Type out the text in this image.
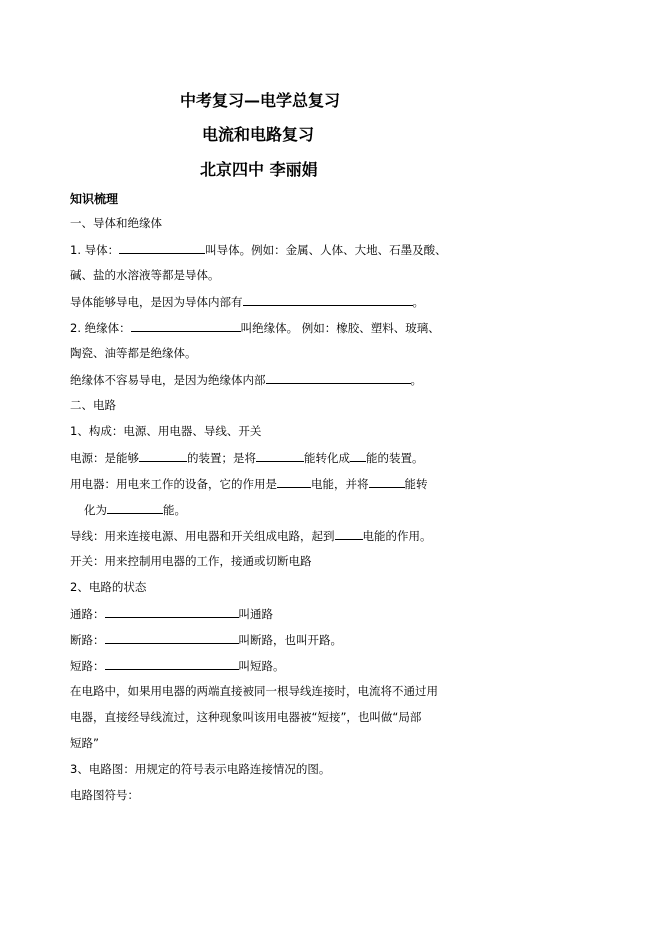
中考复习—电学总复习
电流和电路复习
北京四中 李丽娟
知识梳理
一、导体和绝缘体
1. 导体：	叫导体。例如：金属、人体、大地、石墨及酸、
碱、盐的水溶液等都是导体。
导体能够导电，是因为导体内部有	。
2. 绝缘体：	叫绝缘体。 例如：橡胶、塑料、玻璃、
陶瓷、油等都是绝缘体。
绝缘体不容易导电，是因为绝缘体内部	。
二、电路
1、构成：电源、用电器、导线、开关
电源：是能够	的装置；是将	能转化成 能的装置。
用电器：用电来工作的设备，它的作用是	电能，并将	能转
化为	能。
导线：用来连接电源、用电器和开关组成电路，起到 电能的作用。
开关：用来控制用电器的工作，接通或切断电路
2、电路的状态
通路：	叫通路
断路：	叫断路，也叫开路。
短路：	叫短路。
在电路中，如果用电器的两端直接被同一根导线连接时，电流将不通过用
电器，直接经导线流过，这种现象叫该用电器被“短接”，也叫做“局部
短路”
3、电路图：用规定的符号表示电路连接情况的图。
电路图符号：
